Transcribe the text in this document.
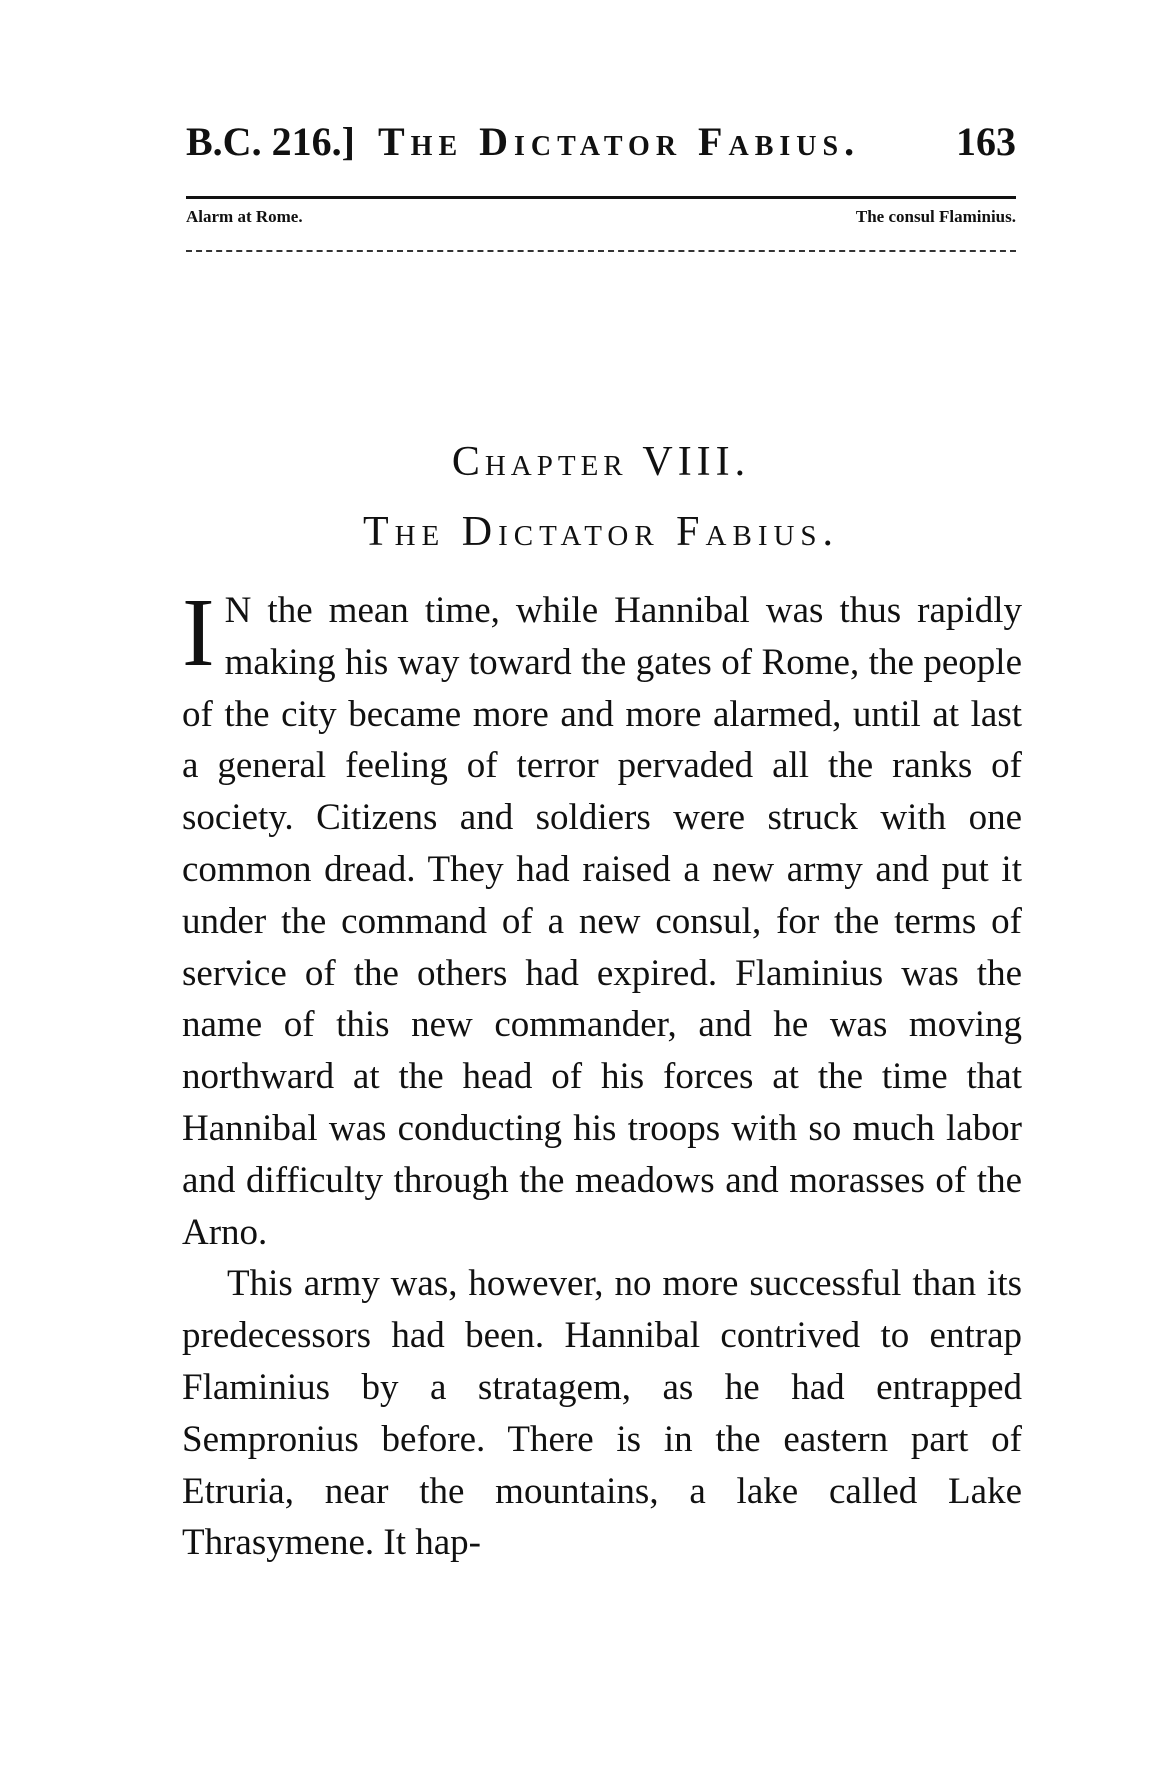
B.C. 216.] The Dictator Fabius. 163
Alarm at Rome.	The consul Flaminius.
Chapter VIII.
The Dictator Fabius.

I N the mean time, while Hannibal was thus rapidly making his way toward the gates of Rome, the people of the city became more and more alarmed, until at last a general feeling of terror pervaded all the ranks of society. Citizens and soldiers were struck with one common dread. They had raised a new army and put it under the command of a new consul, for the terms of service of the others had expired. Flaminius was the name of this new commander, and he was moving northward at the head of his forces at the time that Hannibal was conducting his troops with so much labor and difficulty through the meadows and morasses of the Arno.

This army was, however, no more successful than its predecessors had been. Hannibal contrived to entrap Flaminius by a stratagem, as he had entrapped Sempronius before. There is in the eastern part of Etruria, near the mountains, a lake called Lake Thrasymene. It hap-
